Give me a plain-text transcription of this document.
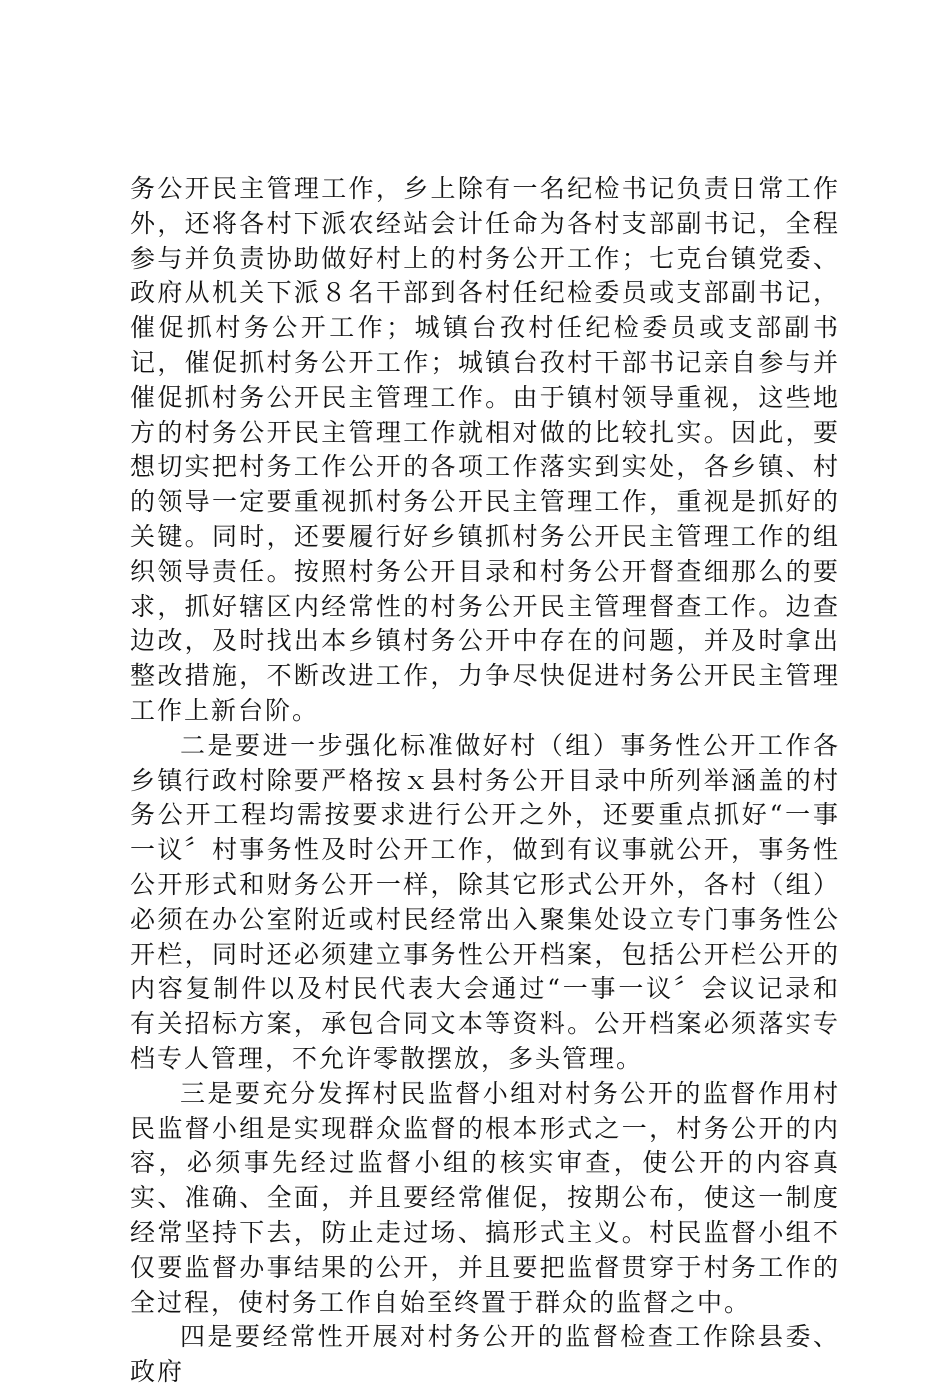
务公开民主管理工作，乡上除有一名纪检书记负责日常工作外，还将各村下派农经站会计任命为各村支部副书记，全程参与并负责协助做好村上的村务公开工作；七克台镇党委、政府从机关下派８名干部到各村任纪检委员或支部副书记，催促抓村务公开工作；城镇台孜村任纪检委员或支部副书记，催促抓村务公开工作；城镇台孜村干部书记亲自参与并催促抓村务公开民主管理工作。由于镇村领导重视，这些地方的村务公开民主管理工作就相对做的比较扎实。因此，要想切实把村务工作公开的各项工作落实到实处，各乡镇、村的领导一定要重视抓村务公开民主管理工作，重视是抓好的关键。同时，还要履行好乡镇抓村务公开民主管理工作的组织领导责任。按照村务公开目录和村务公开督查细那么的要求，抓好辖区内经常性的村务公开民主管理督查工作。边查边改，及时找出本乡镇村务公开中存在的问题，并及时拿出整改措施，不断改进工作，力争尽快促进村务公开民主管理工作上新台阶。

二是要进一步强化标准做好村（组）事务性公开工作各乡镇行政村除要严格按ｘ县村务公开目录中所列举涵盖的村务公开工程均需按要求进行公开之外，还要重点抓好“一事一议〞村事务性及时公开工作，做到有议事就公开，事务性公开形式和财务公开一样，除其它形式公开外，各村（组）必须在办公室附近或村民经常出入聚集处设立专门事务性公开栏，同时还必须建立事务性公开档案，包括公开栏公开的内容复制件以及村民代表大会通过“一事一议〞会议记录和有关招标方案，承包合同文本等资料。公开档案必须落实专档专人管理，不允许零散摆放，多头管理。

三是要充分发挥村民监督小组对村务公开的监督作用村民监督小组是实现群众监督的根本形式之一，村务公开的内容，必须事先经过监督小组的核实审查，使公开的内容真实、准确、全面，并且要经常催促，按期公布，使这一制度经常坚持下去，防止走过场、搞形式主义。村民监督小组不仅要监督办事结果的公开，并且要把监督贯穿于村务工作的全过程，使村务工作自始至终置于群众的监督之中。

四是要经常性开展对村务公开的监督检查工作除县委、政府
